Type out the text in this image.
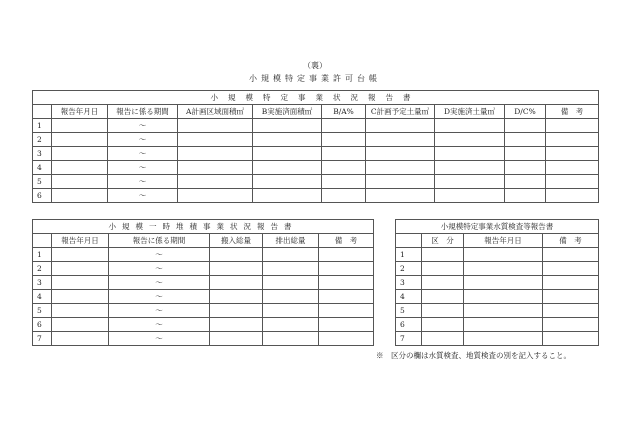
（裏）
小規模特定事業許可台帳
小規模特定事業状況報告書									
	報告年月日	報告に係る期間	A計画区域面積㎡	B実施済面積㎡	B/A%	C計画予定土量㎥	D実施済土量㎥	D/C%	備　考
1		～							
2		～							
3		～							
4		～							
5		～							
6		～							
小規模一時堆積事業状況報告書					
	報告年月日	報告に係る期間	搬入総量	排出総量	備　考
1		～			
2		～			
3		～			
4		～			
5		～			
6		～			
7		～			
小規模特定事業水質検査等報告書			
	区　分	報告年月日	備　考
1			
2			
3			
4			
5			
6			
7			
※　区分の欄は水質検査、地質検査の別を記入すること。
